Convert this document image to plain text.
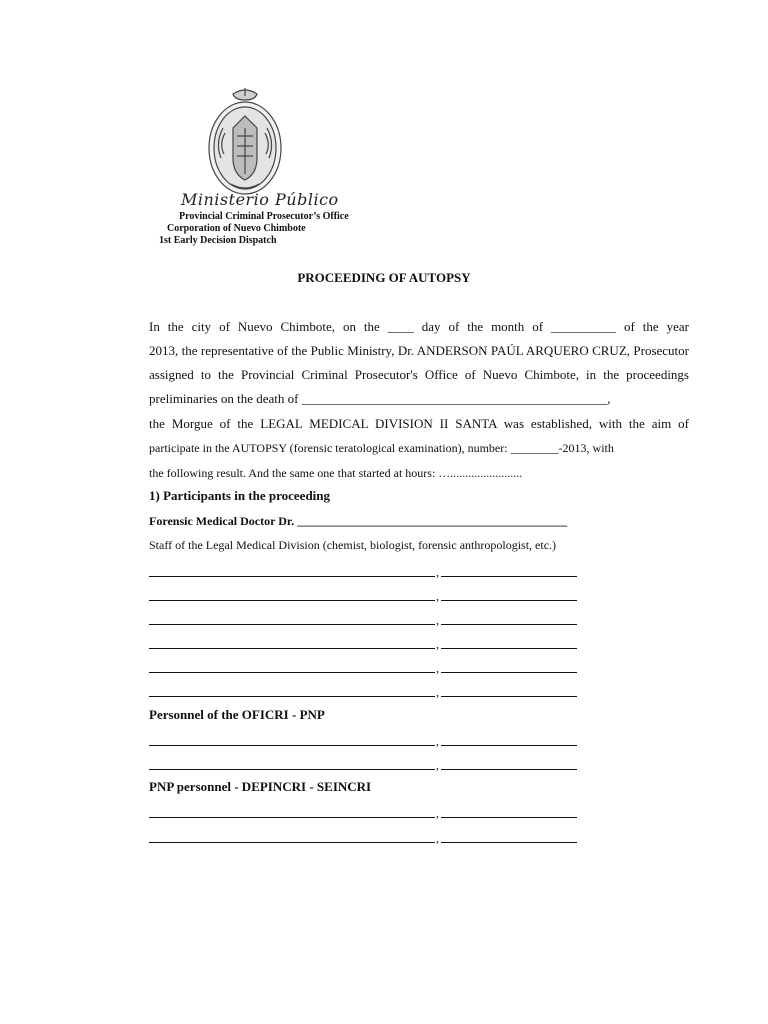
Ministerio Público
Provincial Criminal Prosecutor’s Office
Corporation of Nuevo Chimbote
1st Early Decision Dispatch
PROCEEDING OF AUTOPSY
In the city of Nuevo Chimbote, on the ____ day of the month of __________ of the year
2013, the representative of the Public Ministry, Dr. ANDERSON PAÚL ARQUERO CRUZ, Prosecutor
assigned to the Provincial Criminal Prosecutor's Office of Nuevo Chimbote, in the proceedings
preliminaries on the death of _______________________________________________,
the Morgue of the LEGAL MEDICAL DIVISION II SANTA was established, with the aim of
participate in the AUTOPSY (forensic teratological examination), number: ________-2013, with
the following result. And the same one that started at hours: …........................
1) Participants in the proceeding
Forensic Medical Doctor Dr. _____________________________________________
Staff of the Legal Medical Division (chemist, biologist, forensic anthropologist, etc.)
,
,
,
,
,
,
Personnel of the OFICRI - PNP
,
,
PNP personnel - DEPINCRI - SEINCRI
,
,
